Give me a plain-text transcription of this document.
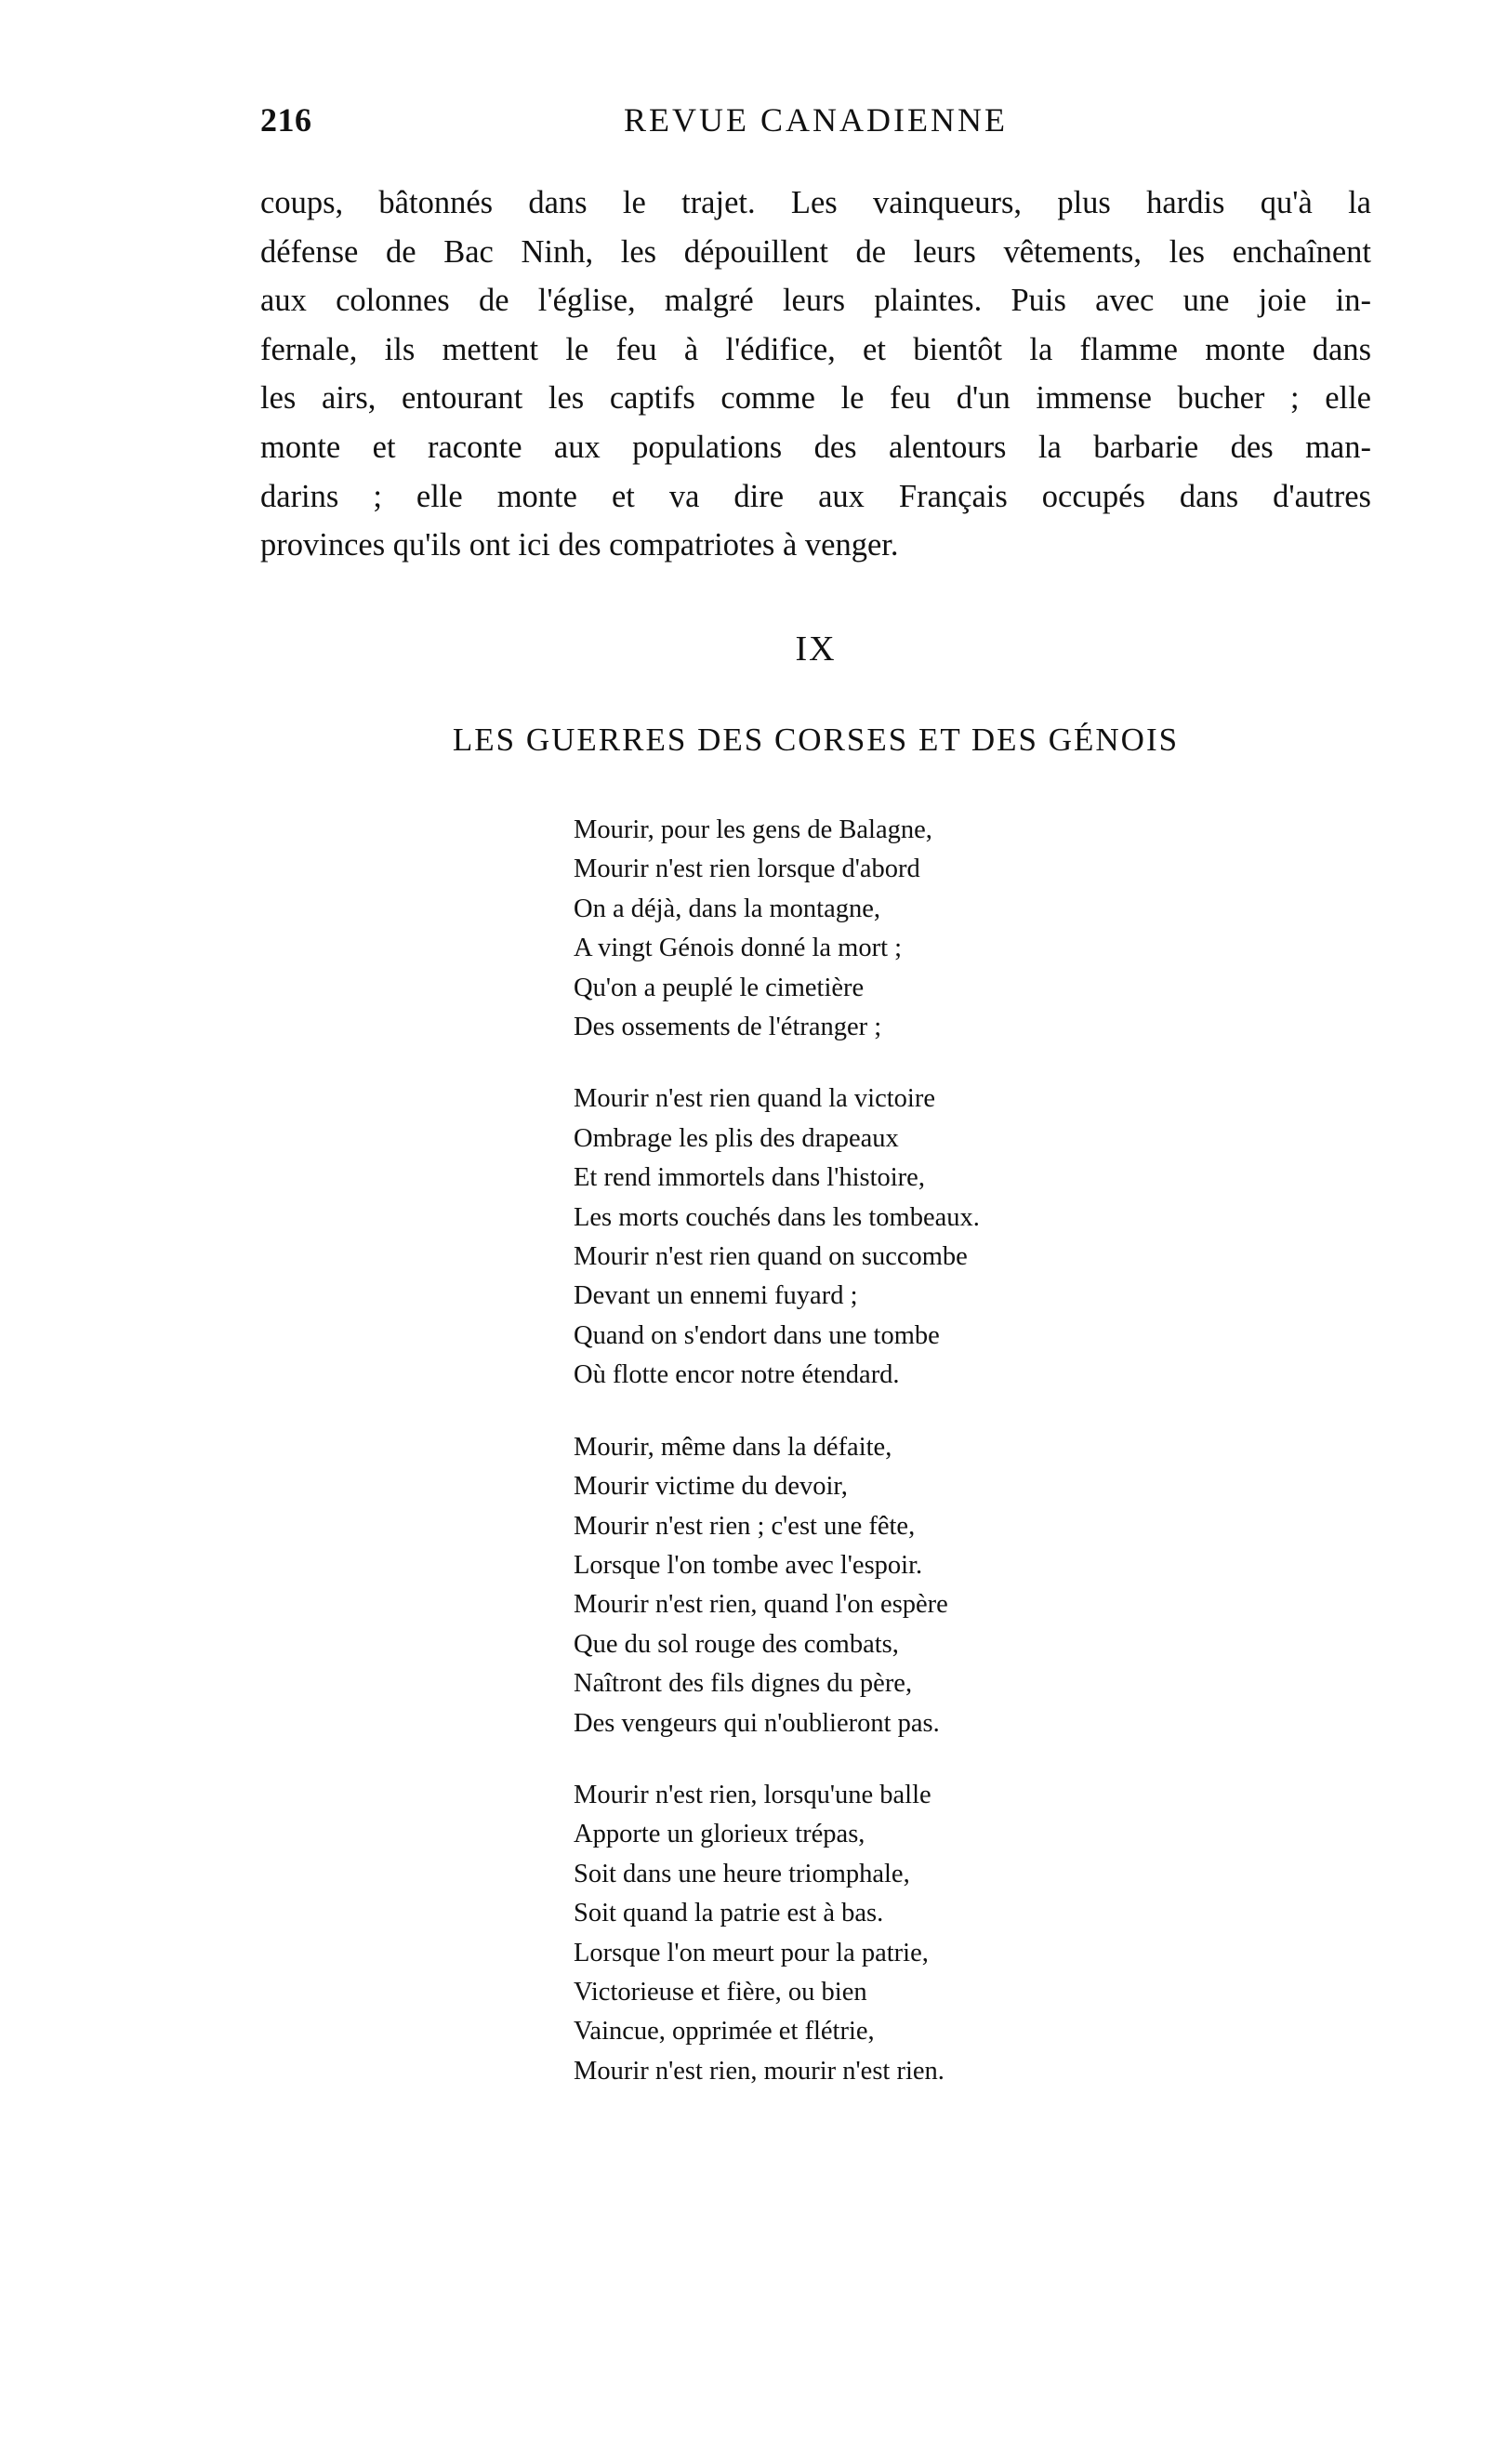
216	REVUE CANADIENNE

coups, bâtonnés dans le trajet. Les vainqueurs, plus hardis qu'à la
défense de Bac Ninh, les dépouillent de leurs vêtements, les enchaînent
aux colonnes de l'église, malgré leurs plaintes. Puis avec une joie in-
fernale, ils mettent le feu à l'édifice, et bientôt la flamme monte dans
les airs, entourant les captifs comme le feu d'un immense bucher ; elle
monte et raconte aux populations des alentours la barbarie des man-
darins ; elle monte et va dire aux Français occupés dans d'autres
provinces qu'ils ont ici des compatriotes à venger.

IX
LES GUERRES DES CORSES ET DES GÉNOIS
Mourir, pour les gens de Balagne,
Mourir n'est rien lorsque d'abord
On a déjà, dans la montagne,
A vingt Génois donné la mort ;
Qu'on a peuplé le cimetière
Des ossements de l'étranger ;
Mourir n'est rien quand la victoire
Ombrage les plis des drapeaux
Et rend immortels dans l'histoire,
Les morts couchés dans les tombeaux.
Mourir n'est rien quand on succombe
Devant un ennemi fuyard ;
Quand on s'endort dans une tombe
Où flotte encor notre étendard.
Mourir, même dans la défaite,
Mourir victime du devoir,
Mourir n'est rien ; c'est une fête,
Lorsque l'on tombe avec l'espoir.
Mourir n'est rien, quand l'on espère
Que du sol rouge des combats,
Naîtront des fils dignes du père,
Des vengeurs qui n'oublieront pas.
Mourir n'est rien, lorsqu'une balle
Apporte un glorieux trépas,
Soit dans une heure triomphale,
Soit quand la patrie est à bas.
Lorsque l'on meurt pour la patrie,
Victorieuse et fière, ou bien
Vaincue, opprimée et flétrie,
Mourir n'est rien, mourir n'est rien.
